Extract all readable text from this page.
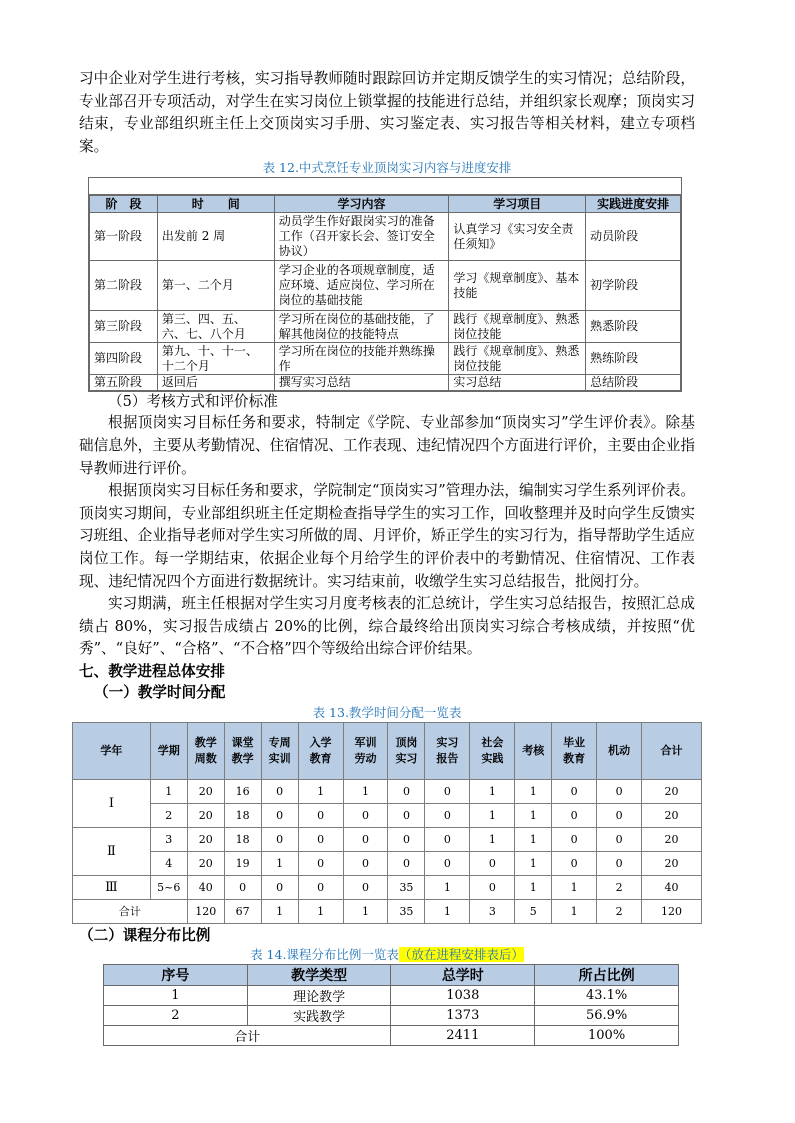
习中企业对学生进行考核，实习指导教师随时跟踪回访并定期反馈学生的实习情况；总结阶段，专业部召开专项活动，对学生在实习岗位上锁掌握的技能进行总结，并组织家长观摩；顶岗实习结束，专业部组织班主任上交顶岗实习手册、实习鉴定表、实习报告等相关材料，建立专项档案。

表 12.中式烹饪专业顶岗实习内容与进度安排

阶　段	时　　间	学习内容	学习项目	实践进度安排
第一阶段	出发前 2 周	动员学生作好跟岗实习的准备工作（召开家长会、签订安全协议）	认真学习《实习安全责任须知》	动员阶段
第二阶段	第一、二个月	学习企业的各项规章制度，适应环境、适应岗位、学习所在岗位的基础技能	学习《规章制度》、基本技能	初学阶段
第三阶段	第三、四、五、六、七、八个月	学习所在岗位的基础技能，了解其他岗位的技能特点	践行《规章制度》、熟悉岗位技能	熟悉阶段
第四阶段	第九、十、十一、十二个月	学习所在岗位的技能并熟练操作	践行《规章制度》、熟悉岗位技能	熟练阶段
第五阶段	返回后	撰写实习总结	实习总结	总结阶段

（5）考核方式和评价标准

根据顶岗实习目标任务和要求，特制定《学院、专业部参加“顶岗实习”学生评价表》。除基础信息外，主要从考勤情况、住宿情况、工作表现、违纪情况四个方面进行评价，主要由企业指导教师进行评价。

根据顶岗实习目标任务和要求，学院制定“顶岗实习”管理办法，编制实习学生系列评价表。顶岗实习期间，专业部组织班主任定期检查指导学生的实习工作，回收整理并及时向学生反馈实习班组、企业指导老师对学生实习所做的周、月评价，矫正学生的实习行为，指导帮助学生适应岗位工作。每一学期结束，依据企业每个月给学生的评价表中的考勤情况、住宿情况、工作表现、违纪情况四个方面进行数据统计。实习结束前，收缴学生实习总结报告，批阅打分。

实习期满，班主任根据对学生实习月度考核表的汇总统计，学生实习总结报告，按照汇总成绩占 80%，实习报告成绩占 20%的比例，综合最终给出顶岗实习综合考核成绩，并按照“优秀”、“良好”、“合格”、“不合格”四个等级给出综合评价结果。

七、教学进程总体安排

（一）教学时间分配

表 13.教学时间分配一览表

学年	学期	教学周数	课堂教学	专周实训	入学教育	军训劳动	顶岗实习	实习报告	社会实践	考核	毕业教育	机动	合计
Ⅰ	1	20	16	0	1	1	0	0	1	1	0	0	20
	2	20	18	0	0	0	0	0	1	1	0	0	20
Ⅱ	3	20	18	0	0	0	0	0	1	1	0	0	20
	4	20	19	1	0	0	0	0	0	1	0	0	20
Ⅲ	5~6	40	0	0	0	0	35	1	0	1	1	2	40
合计		120	67	1	1	1	35	1	3	5	1	2	120

（二）课程分布比例

表 14.课程分布比例一览表（放在进程安排表后）

序号	教学类型	总学时	所占比例
1	理论教学	1038	43.1%
2	实践教学	1373	56.9%
合计		2411	100%
